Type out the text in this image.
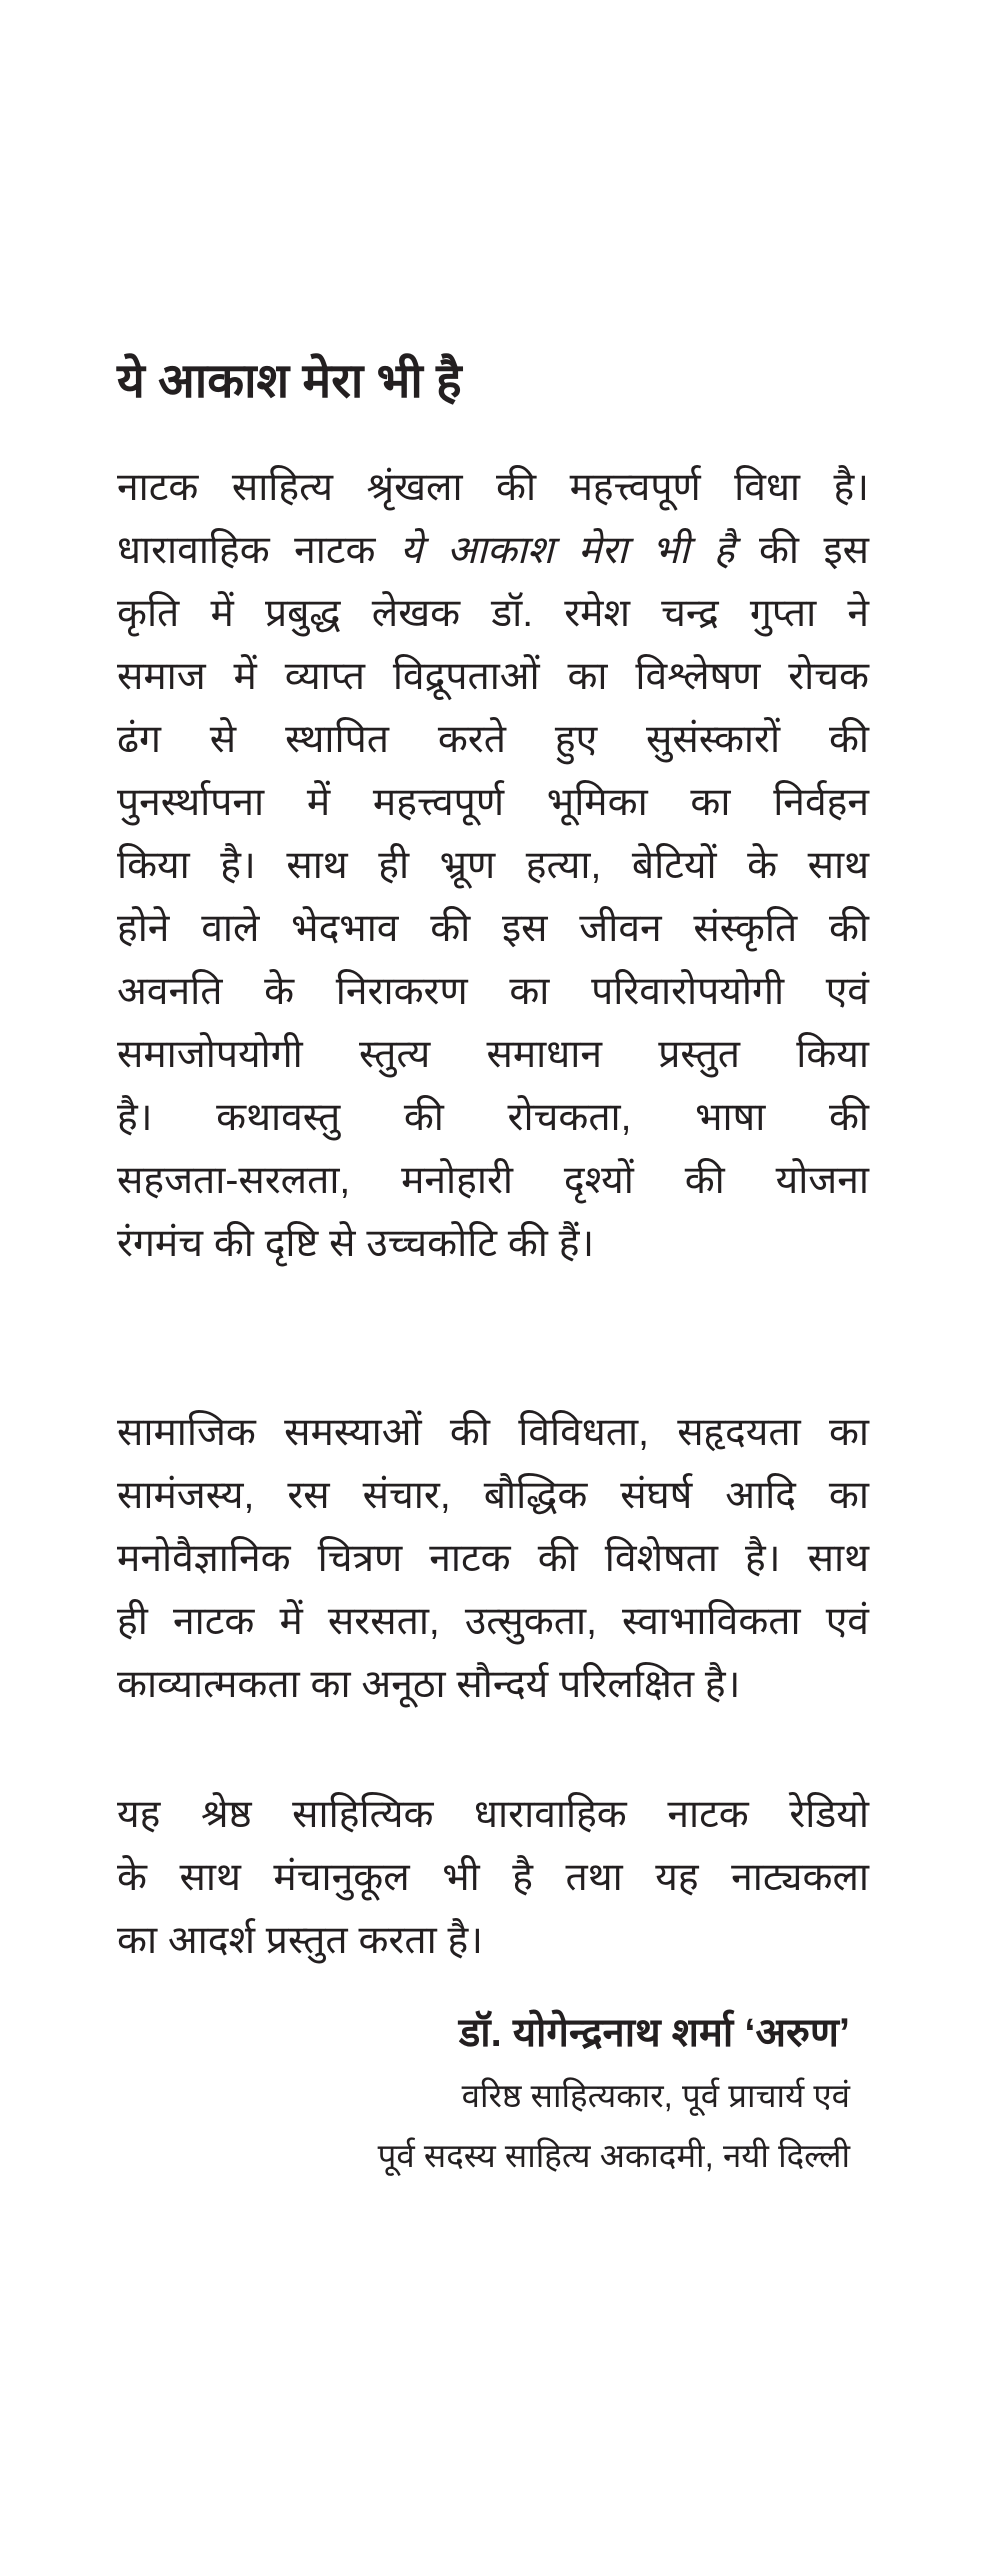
ये आकाश मेरा भी है
नाटक साहित्य श्रृंखला की महत्त्वपूर्ण विधा है।
धारावाहिक नाटक ये आकाश मेरा भी है की इस
कृति में प्रबुद्ध लेखक डॉ. रमेश चन्द्र गुप्ता ने
समाज में व्याप्त विद्रूपताओं का विश्लेषण रोचक
ढंग से स्थापित करते हुए सुसंस्कारों की
पुनर्स्थापना में महत्त्वपूर्ण भूमिका का निर्वहन
किया है। साथ ही भ्रूण हत्या, बेटियों के साथ
होने वाले भेदभाव की इस जीवन संस्कृति की
अवनति के निराकरण का परिवारोपयोगी एवं
समाजोपयोगी स्तुत्य समाधान प्रस्तुत किया
है। कथावस्तु की रोचकता, भाषा की
सहजता-सरलता, मनोहारी दृश्यों की योजना
रंगमंच की दृष्टि से उच्चकोटि की हैं।
सामाजिक समस्याओं की विविधता, सहृदयता का
सामंजस्य, रस संचार, बौद्धिक संघर्ष आदि का
मनोवैज्ञानिक चित्रण नाटक की विशेषता है। साथ
ही नाटक में सरसता, उत्सुकता, स्वाभाविकता एवं
काव्यात्मकता का अनूठा सौन्दर्य परिलक्षित है।
यह श्रेष्ठ साहित्यिक धारावाहिक नाटक रेडियो
के साथ मंचानुकूल भी है तथा यह नाट्यकला
का आदर्श प्रस्तुत करता है।
डॉ. योगेन्द्रनाथ शर्मा ‘अरुण’
वरिष्ठ साहित्यकार, पूर्व प्राचार्य एवं
पूर्व सदस्य साहित्य अकादमी, नयी दिल्ली
